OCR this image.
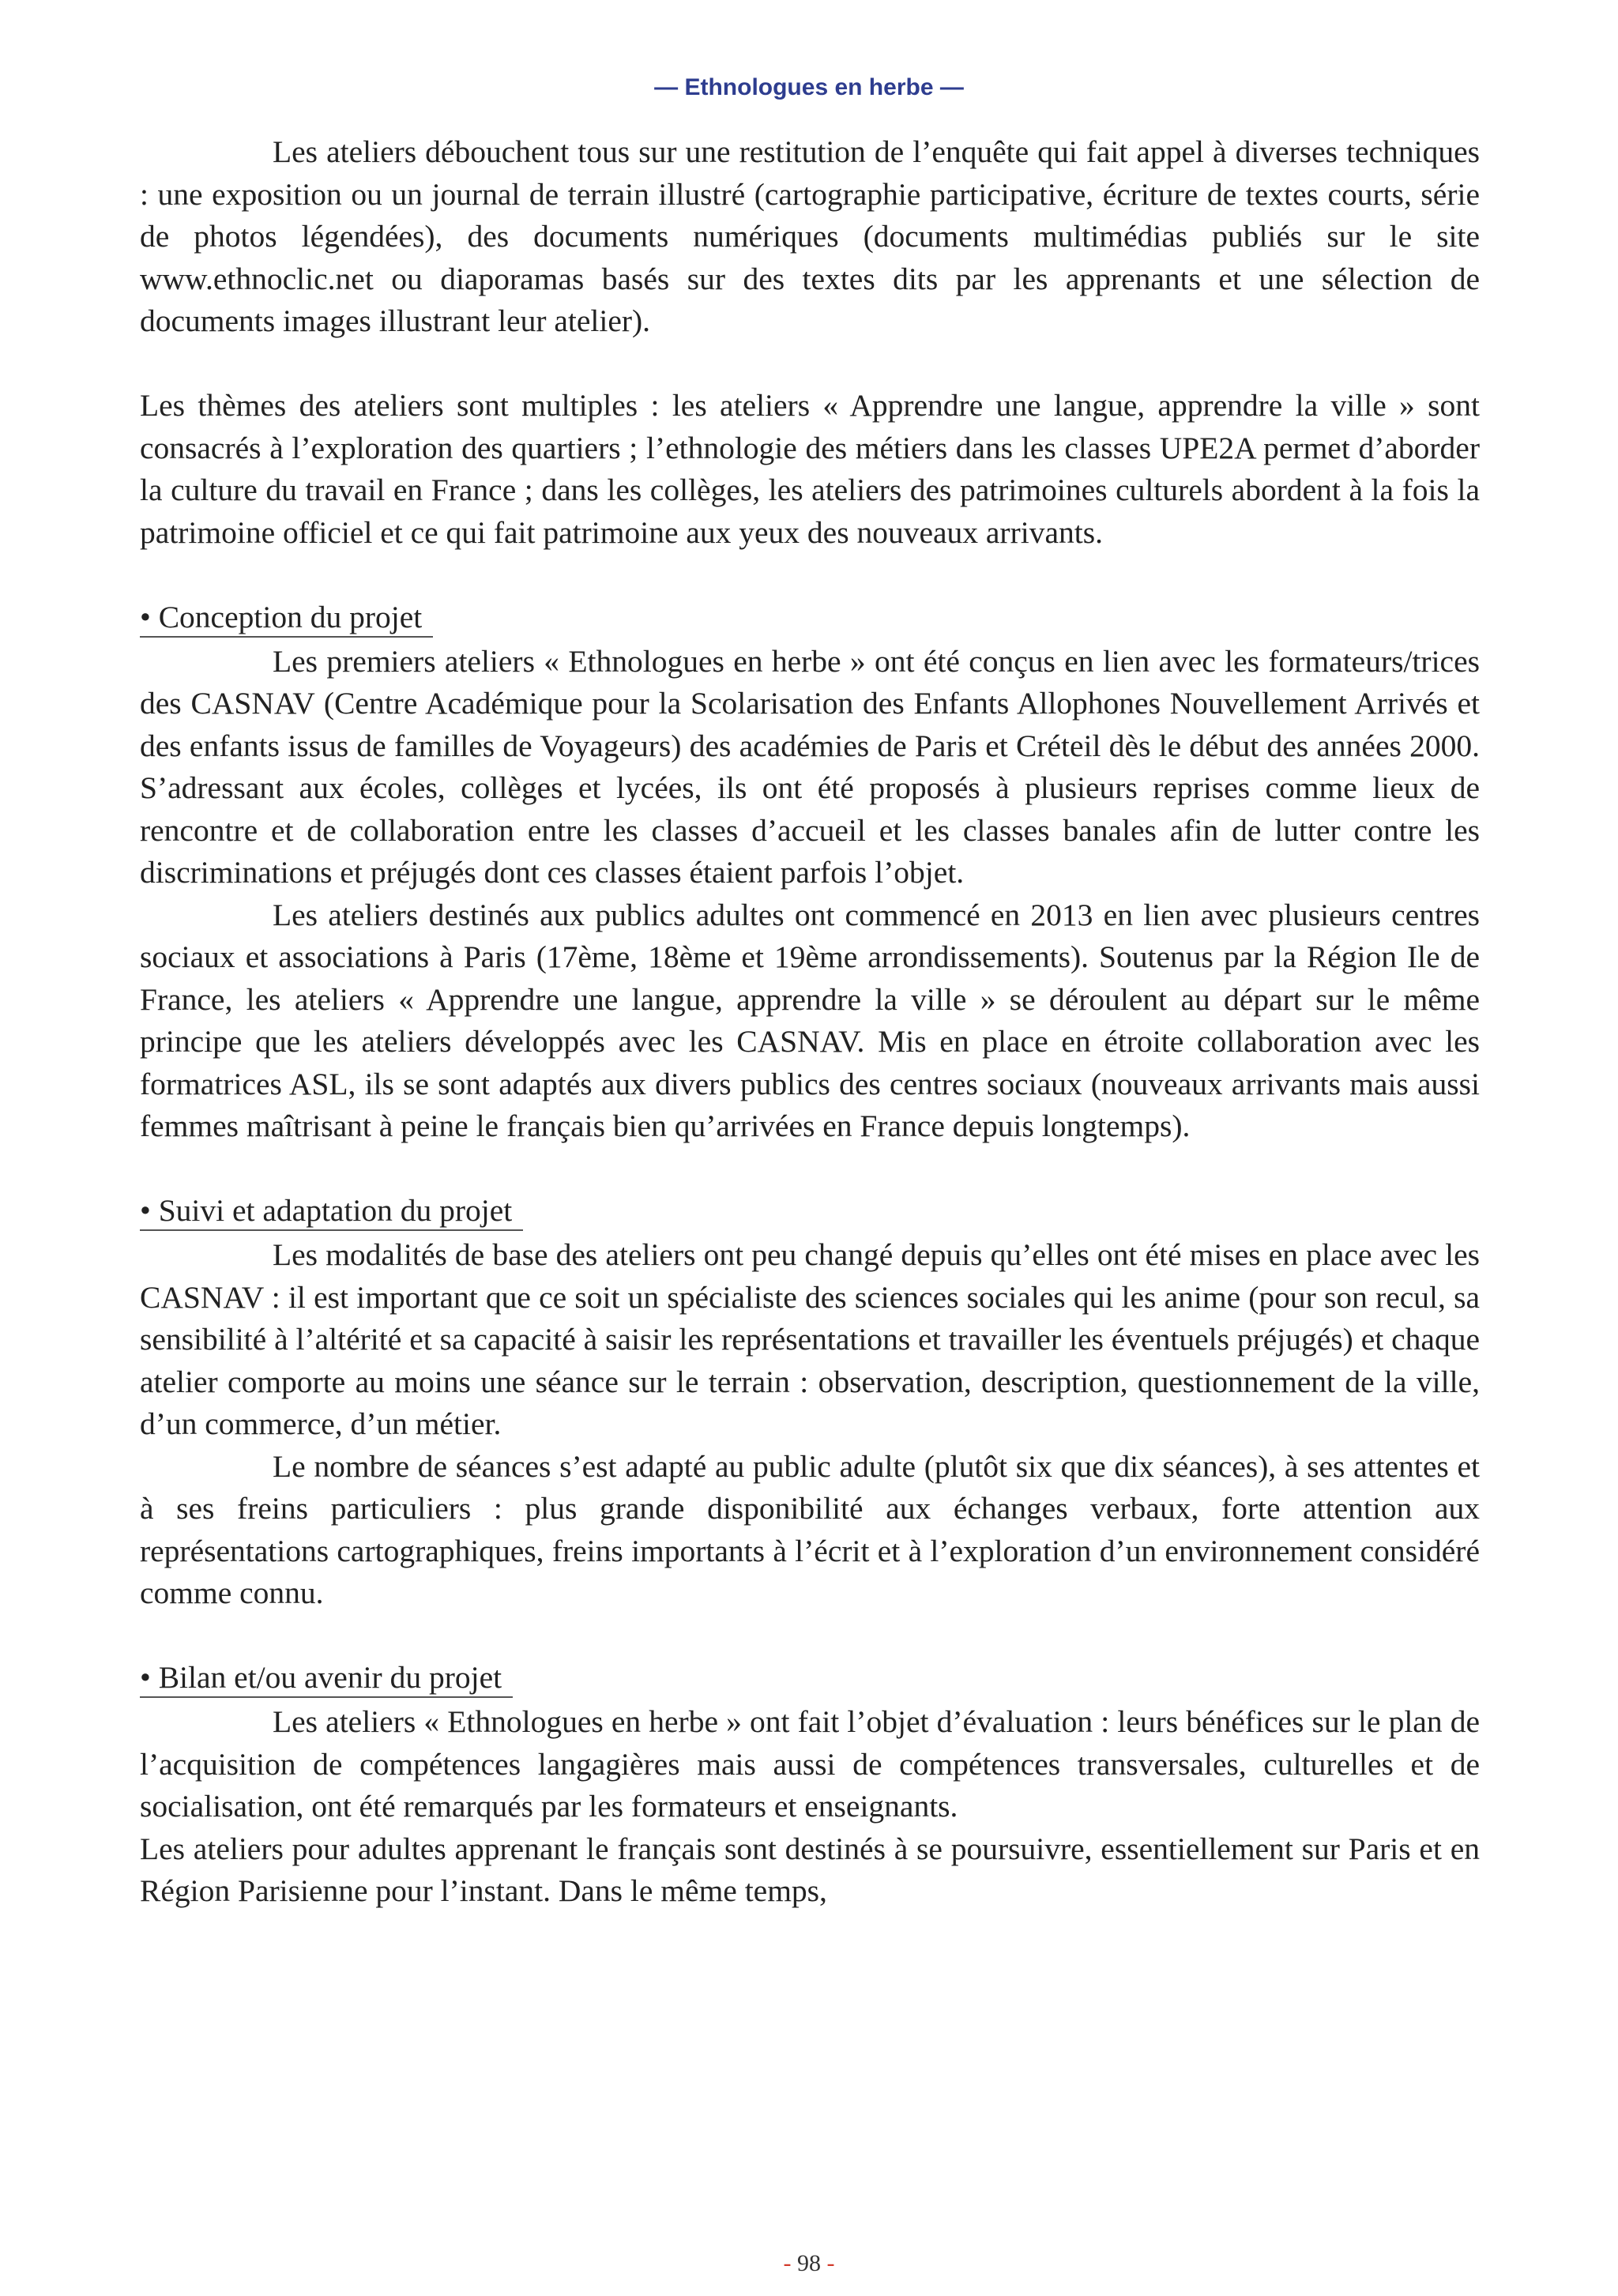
— Ethnologues en herbe —

Les ateliers débouchent tous sur une restitution de l’enquête qui fait appel à diverses techniques : une exposition ou un journal de terrain illustré (cartographie participative, écriture de textes courts, série de photos légendées), des documents numériques (documents multimédias publiés sur le site www.ethnoclic.net ou diaporamas basés sur des textes dits par les apprenants et une sélection de documents images illustrant leur atelier).

Les thèmes des ateliers sont multiples : les ateliers « Apprendre une langue, apprendre la ville » sont consacrés à l’exploration des quartiers ; l’ethnologie des métiers dans les classes UPE2A permet d’aborder la culture du travail en France ; dans les collèges, les ateliers des patrimoines culturels abordent à la fois la patrimoine officiel et ce qui fait patrimoine aux yeux des nouveaux arrivants.

• Conception du projet

Les premiers ateliers « Ethnologues en herbe » ont été conçus en lien avec les formateurs/trices des CASNAV (Centre Académique pour la Scolarisation des Enfants Allophones Nouvellement Arrivés et des enfants issus de familles de Voyageurs) des académies de Paris et Créteil dès le début des années 2000. S’adressant aux écoles, collèges et lycées, ils ont été proposés à plusieurs reprises comme lieux de rencontre et de collaboration entre les classes d’accueil et les classes banales afin de lutter contre les discriminations et préjugés dont ces classes étaient parfois l’objet.

Les ateliers destinés aux publics adultes ont commencé en 2013 en lien avec plusieurs centres sociaux et associations à Paris (17ème, 18ème et 19ème arrondissements). Soutenus par la Région Ile de France, les ateliers « Apprendre une langue, apprendre la ville » se déroulent au départ sur le même principe que les ateliers développés avec les CASNAV. Mis en place en étroite collaboration avec les formatrices ASL, ils se sont adaptés aux divers publics des centres sociaux (nouveaux arrivants mais aussi femmes maîtrisant à peine le français bien qu’arrivées en France depuis longtemps).

• Suivi et adaptation du projet

Les modalités de base des ateliers ont peu changé depuis qu’elles ont été mises en place avec les CASNAV : il est important que ce soit un spécialiste des sciences sociales qui les anime (pour son recul, sa sensibilité à l’altérité et sa capacité à saisir les représentations et travailler les éventuels préjugés) et chaque atelier comporte au moins une séance sur le terrain : observation, description, questionnement de la ville, d’un commerce, d’un métier.

Le nombre de séances s’est adapté au public adulte (plutôt six que dix séances), à ses attentes et à ses freins particuliers : plus grande disponibilité aux échanges verbaux, forte attention aux représentations cartographiques, freins importants à l’écrit et à l’exploration d’un environnement considéré comme connu.

• Bilan et/ou avenir du projet

Les ateliers « Ethnologues en herbe » ont fait l’objet d’évaluation : leurs bénéfices sur le plan de l’acquisition de compétences langagières mais aussi de compétences transversales, culturelles et de socialisation, ont été remarqués par les formateurs et enseignants.

Les ateliers pour adultes apprenant le français sont destinés à se poursuivre, essentiellement sur Paris et en Région Parisienne pour l’instant. Dans le même temps,

- 98 -
